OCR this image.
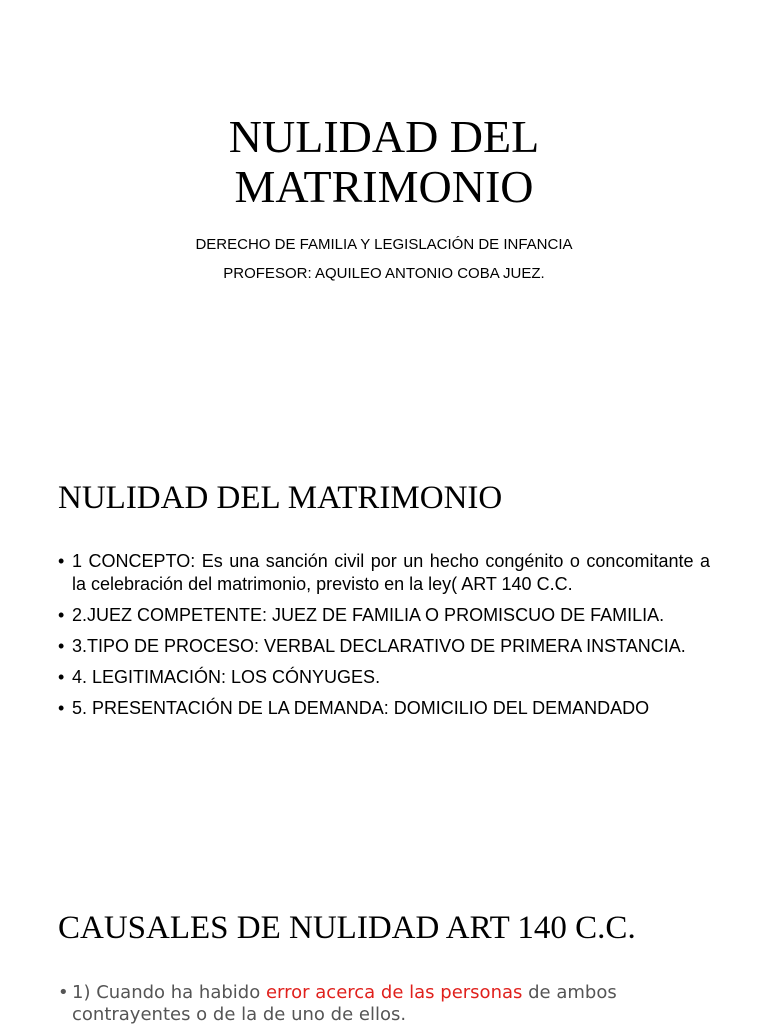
NULIDAD DEL
MATRIMONIO
DERECHO DE FAMILIA Y LEGISLACIÓN DE INFANCIA
PROFESOR: AQUILEO ANTONIO COBA JUEZ.
NULIDAD DEL MATRIMONIO
• 1 CONCEPTO: Es una sanción civil por un hecho congénito o concomitante a la celebración del matrimonio, previsto en la ley( ART 140 C.C.
• 2.JUEZ COMPETENTE: JUEZ DE FAMILIA O PROMISCUO DE FAMILIA.
• 3.TIPO DE PROCESO: VERBAL DECLARATIVO DE PRIMERA INSTANCIA.
• 4. LEGITIMACIÓN: LOS CÓNYUGES.
• 5. PRESENTACIÓN DE LA DEMANDA: DOMICILIO DEL DEMANDADO
CAUSALES DE NULIDAD ART 140 C.C.
• 1) Cuando ha habido error acerca de las personas de ambos contrayentes o de la de uno de ellos.
